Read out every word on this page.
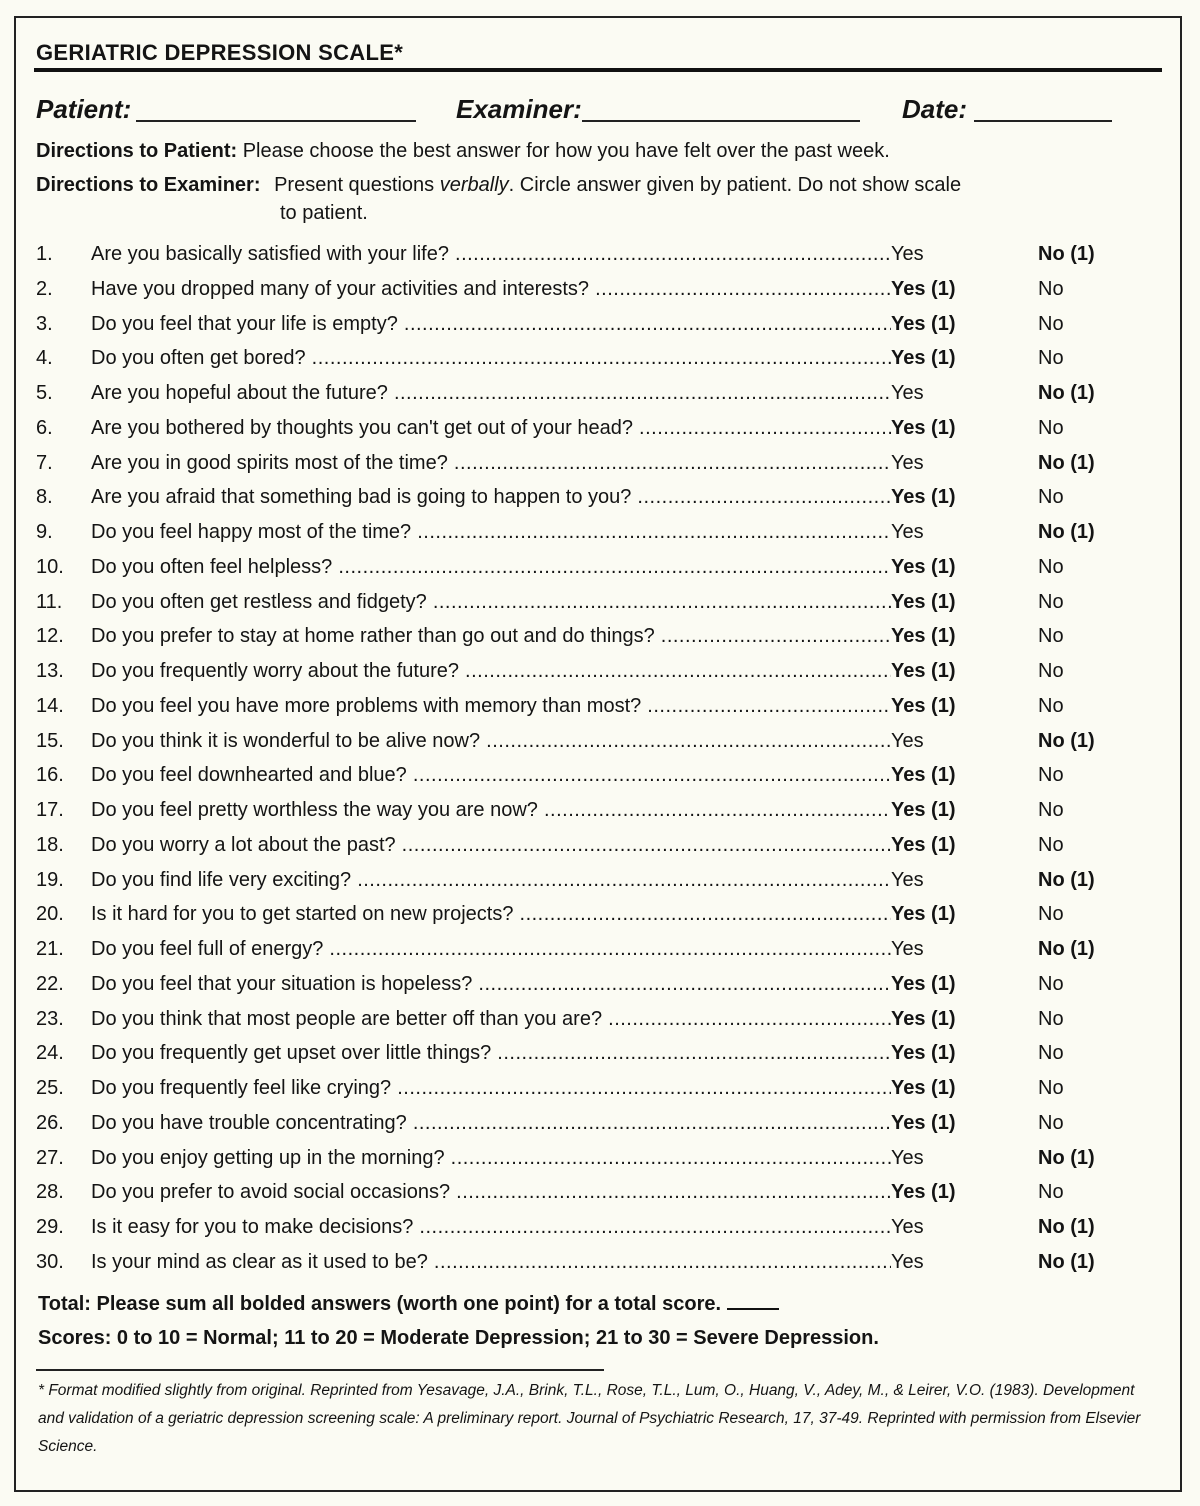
GERIATRIC DEPRESSION SCALE*
Patient:	Examiner:	Date:
Directions to Patient: Please choose the best answer for how you have felt over the past week.
Directions to Examiner: Present questions verbally. Circle answer given by patient. Do not show scale
to patient.
1. Are you basically satisfied with your life? .....	Yes	No (1)
2. Have you dropped many of your activities and interests? .....	Yes (1)	No
3. Do you feel that your life is empty? .....	Yes (1)	No
4. Do you often get bored? .....	Yes (1)	No
5. Are you hopeful about the future? .....	Yes	No (1)
6. Are you bothered by thoughts you can't get out of your head? .....	Yes (1)	No
7. Are you in good spirits most of the time? .....	Yes	No (1)
8. Are you afraid that something bad is going to happen to you? .....	Yes (1)	No
9. Do you feel happy most of the time? .....	Yes	No (1)
10. Do you often feel helpless? .....	Yes (1)	No
11. Do you often get restless and fidgety? .....	Yes (1)	No
12. Do you prefer to stay at home rather than go out and do things? .....	Yes (1)	No
13. Do you frequently worry about the future? .....	Yes (1)	No
14. Do you feel you have more problems with memory than most? .....	Yes (1)	No
15. Do you think it is wonderful to be alive now? .....	Yes	No (1)
16. Do you feel downhearted and blue? .....	Yes (1)	No
17. Do you feel pretty worthless the way you are now? .....	Yes (1)	No
18. Do you worry a lot about the past? .....	Yes (1)	No
19. Do you find life very exciting? .....	Yes	No (1)
20. Is it hard for you to get started on new projects? .....	Yes (1)	No
21. Do you feel full of energy? .....	Yes	No (1)
22. Do you feel that your situation is hopeless? .....	Yes (1)	No
23. Do you think that most people are better off than you are? .....	Yes (1)	No
24. Do you frequently get upset over little things? .....	Yes (1)	No
25. Do you frequently feel like crying? .....	Yes (1)	No
26. Do you have trouble concentrating? .....	Yes (1)	No
27. Do you enjoy getting up in the morning? .....	Yes	No (1)
28. Do you prefer to avoid social occasions? .....	Yes (1)	No
29. Is it easy for you to make decisions? .....	Yes	No (1)
30. Is your mind as clear as it used to be? .....	Yes	No (1)
Total: Please sum all bolded answers (worth one point) for a total score.
Scores: 0 to 10 = Normal; 11 to 20 = Moderate Depression; 21 to 30 = Severe Depression.
* Format modified slightly from original. Reprinted from Yesavage, J.A., Brink, T.L., Rose, T.L., Lum, O., Huang, V., Adey, M., & Leirer, V.O. (1983). Development and validation of a geriatric depression screening scale: A preliminary report. Journal of Psychiatric Research, 17, 37-49. Reprinted with permission from Elsevier Science.
